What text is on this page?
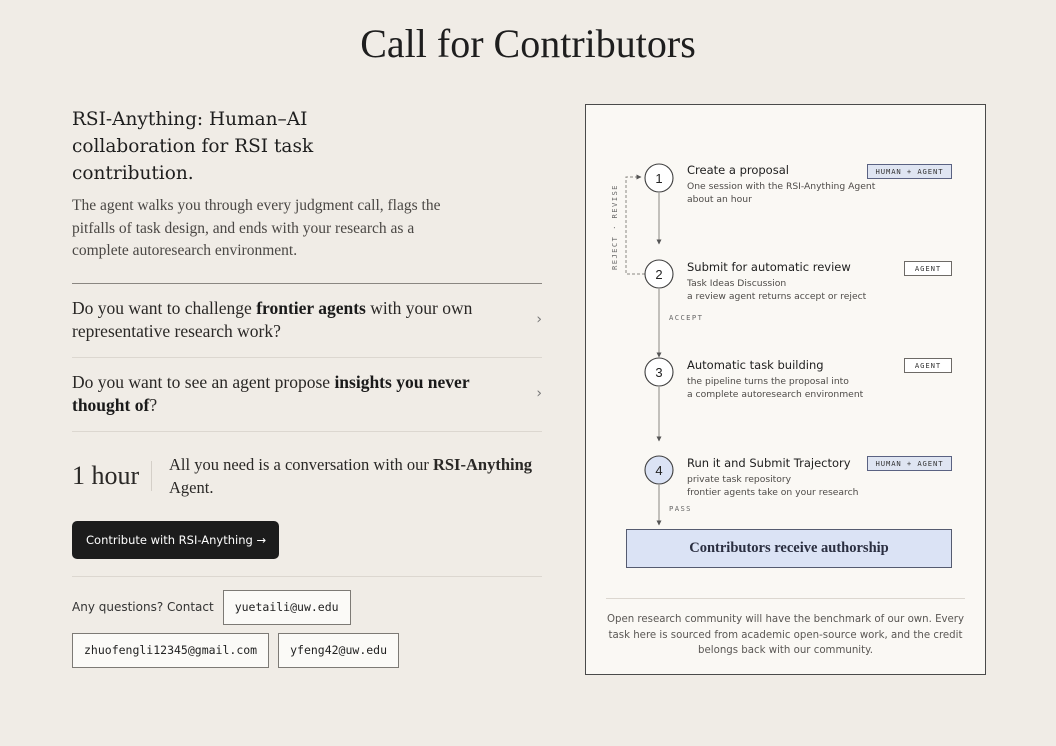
Call for Contributors
RSI-Anything: Human–AI collaboration for RSI task contribution.
The agent walks you through every judgment call, flags the pitfalls of task design, and ends with your research as a complete autoresearch environment.
Do you want to challenge frontier agents with your own representative research work?
›
Do you want to see an agent propose insights you never thought of?
›
1 hour	All you need is a conversation with our RSI-Anything Agent.
Contribute with RSI-Anything →
Any questions? Contact	yuetaili@uw.edu
zhuofengli12345@gmail.com	yfeng42@uw.edu
1
2
3
4
REJECT · REVISE
Create a proposal
One session with the RSI-Anything Agent
about an hour
HUMAN + AGENT
Submit for automatic review
Task Ideas Discussion
a review agent returns accept or reject
AGENT
ACCEPT
Automatic task building
the pipeline turns the proposal into
a complete autoresearch environment
AGENT
Run it and Submit Trajectory
private task repository
frontier agents take on your research
HUMAN + AGENT
PASS
Contributors receive authorship
Open research community will have the benchmark of our own. Every task here is sourced from academic open-source work, and the credit belongs back with our community.
